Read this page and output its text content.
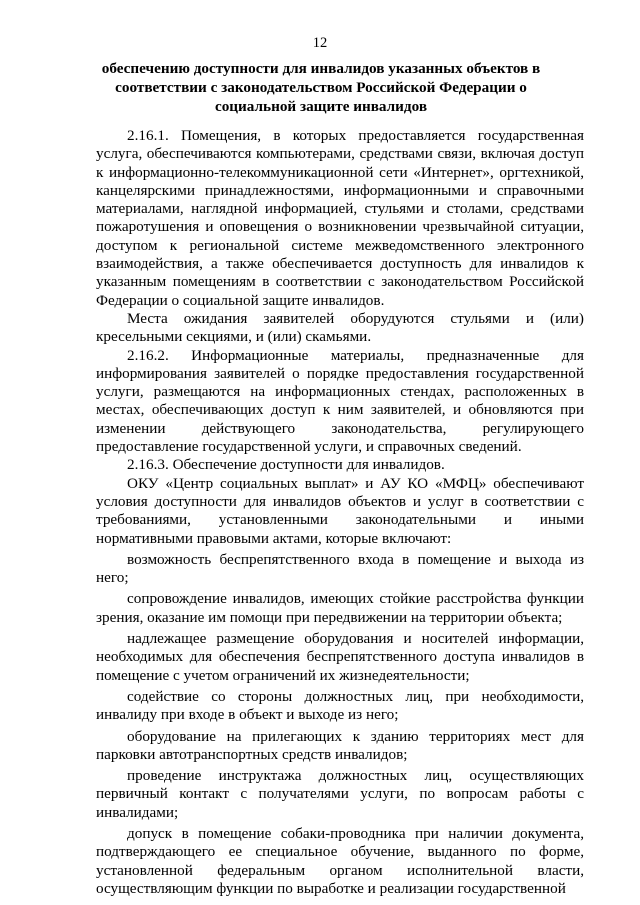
12
обеспечению доступности для инвалидов указанных объектов в соответствии с законодательством Российской Федерации о социальной защите инвалидов

2.16.1. Помещения, в которых предоставляется государственная услуга, обеспечиваются компьютерами, средствами связи, включая доступ к информационно-телекоммуникационной сети «Интернет», оргтехникой, канцелярскими принадлежностями, информационными и справочными материалами, наглядной информацией, стульями и столами, средствами пожаротушения и оповещения о возникновении чрезвычайной ситуации, доступом к региональной системе межведомственного электронного взаимодействия, а также обеспечивается доступность для инвалидов к указанным помещениям в соответствии с законодательством Российской Федерации о социальной защите инвалидов.

Места ожидания заявителей оборудуются стульями и (или) кресельными секциями, и (или) скамьями.

2.16.2. Информационные материалы, предназначенные для информирования заявителей о порядке предоставления государственной услуги, размещаются на информационных стендах, расположенных в местах, обеспечивающих доступ к ним заявителей, и обновляются при изменении действующего законодательства, регулирующего предоставление государственной услуги, и справочных сведений.

2.16.3. Обеспечение доступности для инвалидов.

ОКУ «Центр социальных выплат» и АУ КО «МФЦ» обеспечивают условия доступности для инвалидов объектов и услуг в соответствии с требованиями, установленными законодательными и иными нормативными правовыми актами, которые включают:

возможность беспрепятственного входа в помещение и выхода из него;

сопровождение инвалидов, имеющих стойкие расстройства функции зрения, оказание им помощи при передвижении на территории объекта;

надлежащее размещение оборудования и носителей информации, необходимых для обеспечения беспрепятственного доступа инвалидов в помещение с учетом ограничений их жизнедеятельности;

содействие со стороны должностных лиц, при необходимости, инвалиду при входе в объект и выходе из него;

оборудование на прилегающих к зданию территориях мест для парковки автотранспортных средств инвалидов;

проведение инструктажа должностных лиц, осуществляющих первичный контакт с получателями услуги, по вопросам работы с инвалидами;

допуск в помещение собаки-проводника при наличии документа, подтверждающего ее специальное обучение, выданного по форме, установленной федеральным органом исполнительной власти, осуществляющим функции по выработке и реализации государственной
